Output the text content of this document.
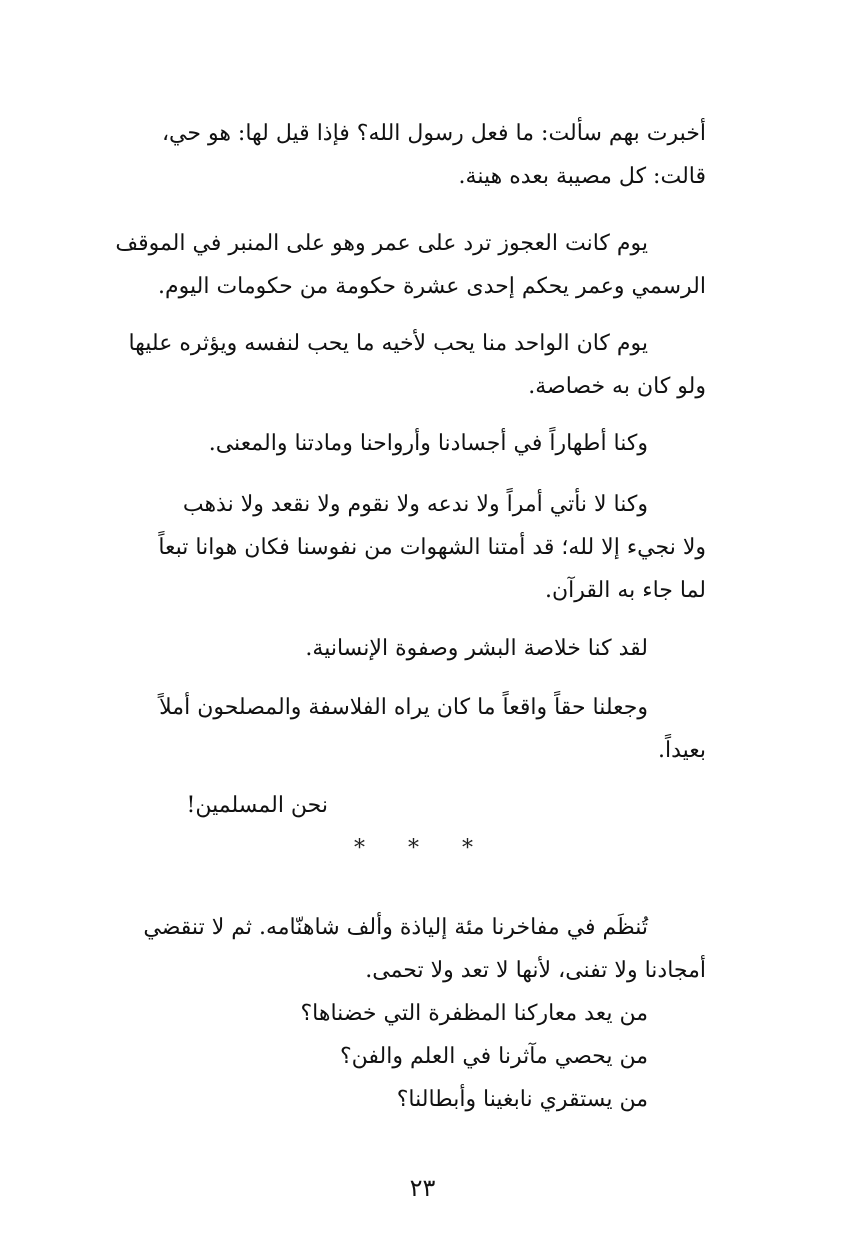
أخبرت بهم سألت: ما فعل رسول الله؟ فإذا قيل لها: هو حي،
قالت: كل مصيبة بعده هينة.
يوم كانت العجوز ترد على عمر وهو على المنبر في الموقف
الرسمي وعمر يحكم إحدى عشرة حكومة من حكومات اليوم.
يوم كان الواحد منا يحب لأخيه ما يحب لنفسه ويؤثره عليها
ولو كان به خصاصة.
وكنا أطهاراً في أجسادنا وأرواحنا ومادتنا والمعنى.
وكنا لا نأتي أمراً ولا ندعه ولا نقوم ولا نقعد ولا نذهب
ولا نجيء إلا لله؛ قد أمتنا الشهوات من نفوسنا فكان هوانا تبعاً
لما جاء به القرآن.
لقد كنا خلاصة البشر وصفوة الإنسانية.
وجعلنا حقاً واقعاً ما كان يراه الفلاسفة والمصلحون أملاً
بعيداً.
نحن المسلمين!
* * *
تُنظَم في مفاخرنا مئة إلياذة وألف شاهنّامه. ثم لا تنقضي
أمجادنا ولا تفنى، لأنها لا تعد ولا تحمى.
من يعد معاركنا المظفرة التي خضناها؟
من يحصي مآثرنا في العلم والفن؟
من يستقري نابغينا وأبطالنا؟
٢٣
